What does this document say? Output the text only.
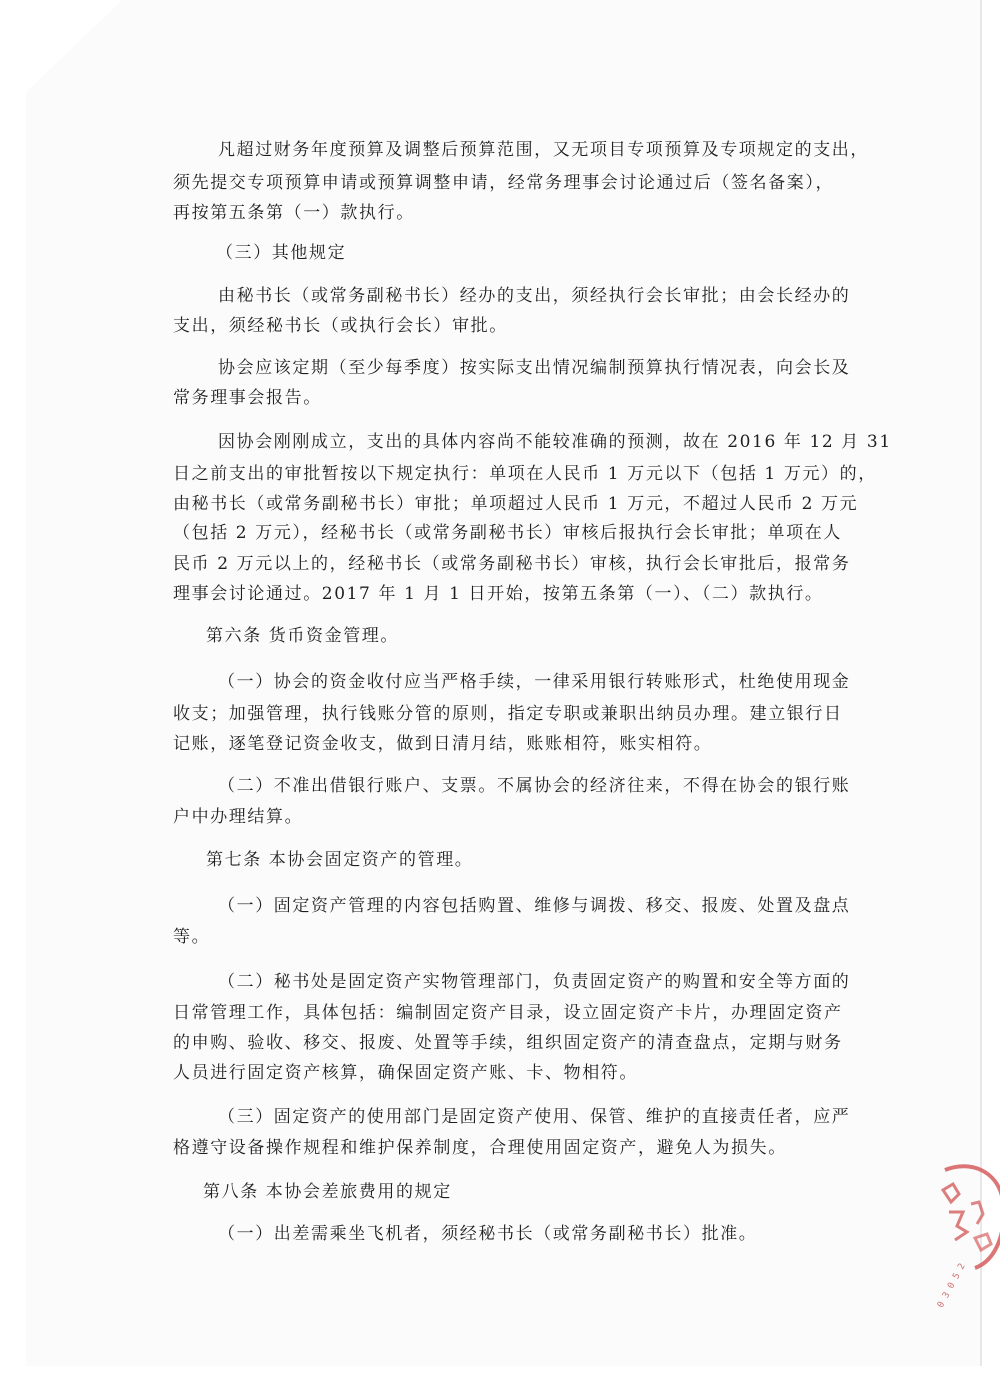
凡超过财务年度预算及调整后预算范围，又无项目专项预算及专项规定的支出，
须先提交专项预算申请或预算调整申请，经常务理事会讨论通过后（签名备案），
再按第五条第（一）款执行。
（三）其他规定
由秘书长（或常务副秘书长）经办的支出，须经执行会长审批；由会长经办的
支出，须经秘书长（或执行会长）审批。
协会应该定期（至少每季度）按实际支出情况编制预算执行情况表，向会长及
常务理事会报告。
因协会刚刚成立，支出的具体内容尚不能较准确的预测，故在 2016 年 12 月 31
日之前支出的审批暂按以下规定执行：单项在人民币 1 万元以下（包括 1 万元）的，
由秘书长（或常务副秘书长）审批；单项超过人民币 1 万元，不超过人民币 2 万元
（包括 2 万元），经秘书长（或常务副秘书长）审核后报执行会长审批；单项在人
民币 2 万元以上的，经秘书长（或常务副秘书长）审核，执行会长审批后，报常务
理事会讨论通过。2017 年 1 月 1 日开始，按第五条第（一）、（二）款执行。
第六条 货币资金管理。
（一）协会的资金收付应当严格手续，一律采用银行转账形式，杜绝使用现金
收支；加强管理，执行钱账分管的原则，指定专职或兼职出纳员办理。建立银行日
记账，逐笔登记资金收支，做到日清月结，账账相符，账实相符。
（二）不准出借银行账户、支票。不属协会的经济往来，不得在协会的银行账
户中办理结算。
第七条 本协会固定资产的管理。
（一）固定资产管理的内容包括购置、维修与调拨、移交、报废、处置及盘点
等。
（二）秘书处是固定资产实物管理部门，负责固定资产的购置和安全等方面的
日常管理工作，具体包括：编制固定资产目录，设立固定资产卡片，办理固定资产
的申购、验收、移交、报废、处置等手续，组织固定资产的清查盘点，定期与财务
人员进行固定资产核算，确保固定资产账、卡、物相符。
（三）固定资产的使用部门是固定资产使用、保管、维护的直接责任者，应严
格遵守设备操作规程和维护保养制度，合理使用固定资产，避免人为损失。
第八条 本协会差旅费用的规定
（一）出差需乘坐飞机者，须经秘书长（或常务副秘书长）批准。
0 3 0 5 2
